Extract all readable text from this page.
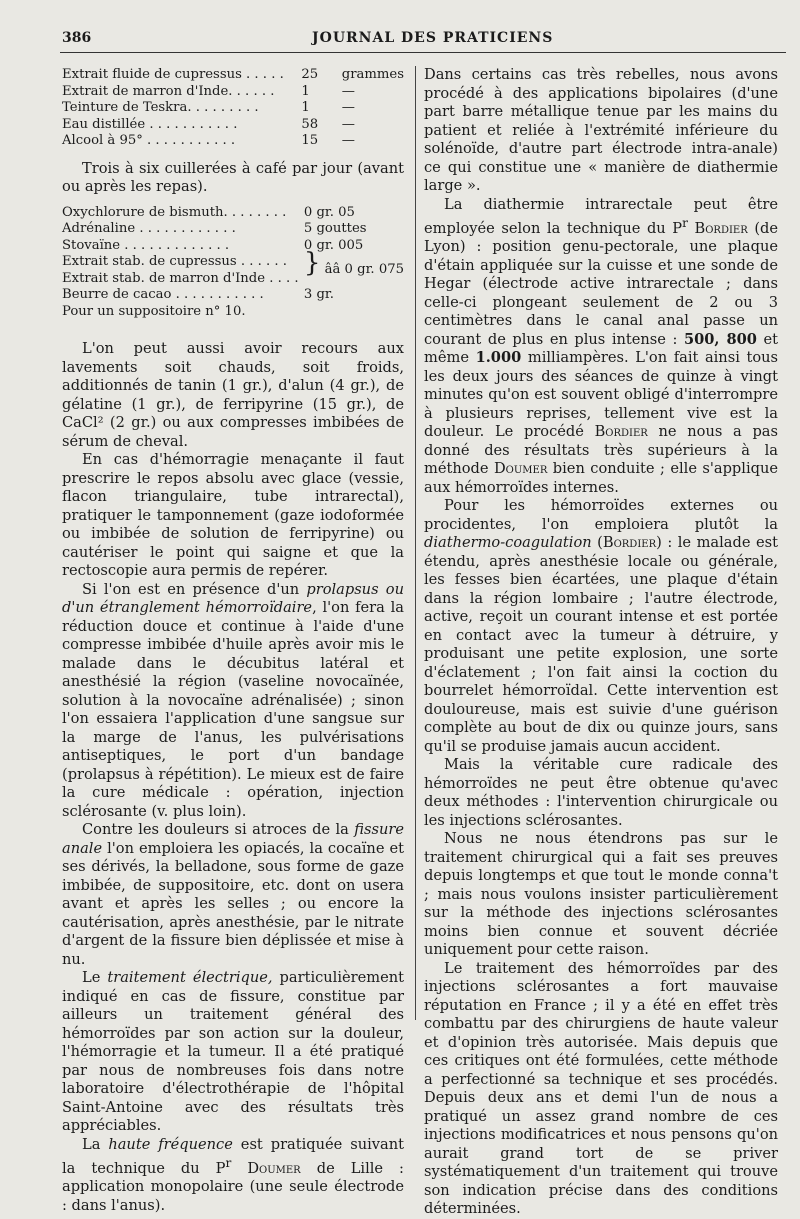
386	JOURNAL DES PRATICIENS
Extrait fluide de cupressus . . . . .	25	grammes
Extrait de marron d'Inde. . . . . .	1	—
Teinture de Teskra. . . . . . . . .	1	—
Eau distillée . . . . . . . . . . .	58	—
Alcool à 95° . . . . . . . . . . .	15	—

Trois à six cuillerées à café par jour (avant ou après les repas).

Oxychlorure de bismuth. . . . . . . .	0 gr. 05
Adrénaline . . . . . . . . . . . .	5 gouttes
Stovaïne . . . . . . . . . . . . .	0 gr. 005
Extrait stab. de cupressus . . . . . .	} ââ 0 gr. 075
Extrait stab. de marron d'Inde . . . .	
Beurre de cacao . . . . . . . . . . .	3 gr.
Pour un suppositoire n° 10.	

L'on peut aussi avoir recours aux lavements soit chauds, soit froids, additionnés de tanin (1 gr.), d'alun (4 gr.), de gélatine (1 gr.), de ferripyrine (15 gr.), de CaCl² (2 gr.) ou aux compresses imbibées de sérum de cheval.

En cas d'hémorragie menaçante il faut prescrire le repos absolu avec glace (vessie, flacon triangulaire, tube intrarectal), pratiquer le tamponnement (gaze iodoformée ou imbibée de solution de ferripyrine) ou cautériser le point qui saigne et que la rectoscopie aura permis de repérer.

Si l'on est en présence d'un prolapsus ou d'un étranglement hémorroïdaire, l'on fera la réduction douce et continue à l'aide d'une compresse imbibée d'huile après avoir mis le malade dans le décubitus latéral et anesthésié la région (vaseline novocaïnée, solution à la novocaïne adrénalisée) ; sinon l'on essaiera l'application d'une sangsue sur la marge de l'anus, les pulvérisations antiseptiques, le port d'un bandage (prolapsus à répétition). Le mieux est de faire la cure médicale : opération, injection sclérosante (v. plus loin).

Contre les douleurs si atroces de la fissure anale l'on emploiera les opiacés, la cocaïne et ses dérivés, la belladone, sous forme de gaze imbibée, de suppositoire, etc. dont on usera avant et après les selles ; ou encore la cautérisation, après anesthésie, par le nitrate d'argent de la fissure bien déplissée et mise à nu.

Le traitement électrique, particulièrement indiqué en cas de fissure, constitue par ailleurs un traitement général des hémorroïdes par son action sur la douleur, l'hémorragie et la tumeur. Il a été pratiqué par nous de nombreuses fois dans notre laboratoire d'électrothérapie de l'hôpital Saint-Antoine avec des résultats très appréciables.

La haute fréquence est pratiquée suivant la technique du $P^r$ Doumer de Lille : application monopolaire (une seule électrode : dans l'anus).

Dans certains cas très rebelles, nous avons procédé à des applications bipolaires (d'une part barre métallique tenue par les mains du patient et reliée à l'extrémité inférieure du solénoïde, d'autre part électrode intra-anale) ce qui constitue une « manière de diathermie large ».

La diathermie intrarectale peut être employée selon la technique du $P^r$ Bordier (de Lyon) : position genu-pectorale, une plaque d'étain appliquée sur la cuisse et une sonde de Hegar (électrode active intrarectale ; dans celle-ci plongeant seulement de 2 ou 3 centimètres dans le canal anal passe un courant de plus en plus intense : 500, 800 et même 1.000 milliampères. L'on fait ainsi tous les deux jours des séances de quinze à vingt minutes qu'on est souvent obligé d'interrompre à plusieurs reprises, tellement vive est la douleur. Le procédé Bordier ne nous a pas donné des résultats très supérieurs à la méthode Doumer bien conduite ; elle s'applique aux hémorroïdes internes.

Pour les hémorroïdes externes ou procidentes, l'on emploiera plutôt la diathermo-coagulation (Bordier) : le malade est étendu, après anesthésie locale ou générale, les fesses bien écartées, une plaque d'étain dans la région lombaire ; l'autre électrode, active, reçoit un courant intense et est portée en contact avec la tumeur à détruire, y produisant une petite explosion, une sorte d'éclatement ; l'on fait ainsi la coction du bourrelet hémorroïdal. Cette intervention est douloureuse, mais est suivie d'une guérison complète au bout de dix ou quinze jours, sans qu'il se produise jamais aucun accident.

Mais la véritable cure radicale des hémorroïdes ne peut être obtenue qu'avec deux méthodes : l'intervention chirurgicale ou les injections sclérosantes.

Nous ne nous étendrons pas sur le traitement chirurgical qui a fait ses preuves depuis longtemps et que tout le monde conna't ; mais nous voulons insister particulièrement sur la méthode des injections sclérosantes moins bien connue et souvent décriée uniquement pour cette raison.

Le traitement des hémorroïdes par des injections sclérosantes a fort mauvaise réputation en France ; il y a été en effet très combattu par des chirurgiens de haute valeur et d'opinion très autorisée. Mais depuis que ces critiques ont été formulées, cette méthode a perfectionné sa technique et ses procédés. Depuis deux ans et demi l'un de nous a pratiqué un assez grand nombre de ces injections modificatrices et nous pensons qu'on aurait grand tort de se priver systématiquement d'un traitement qui trouve son indication précise dans des conditions déterminées.
